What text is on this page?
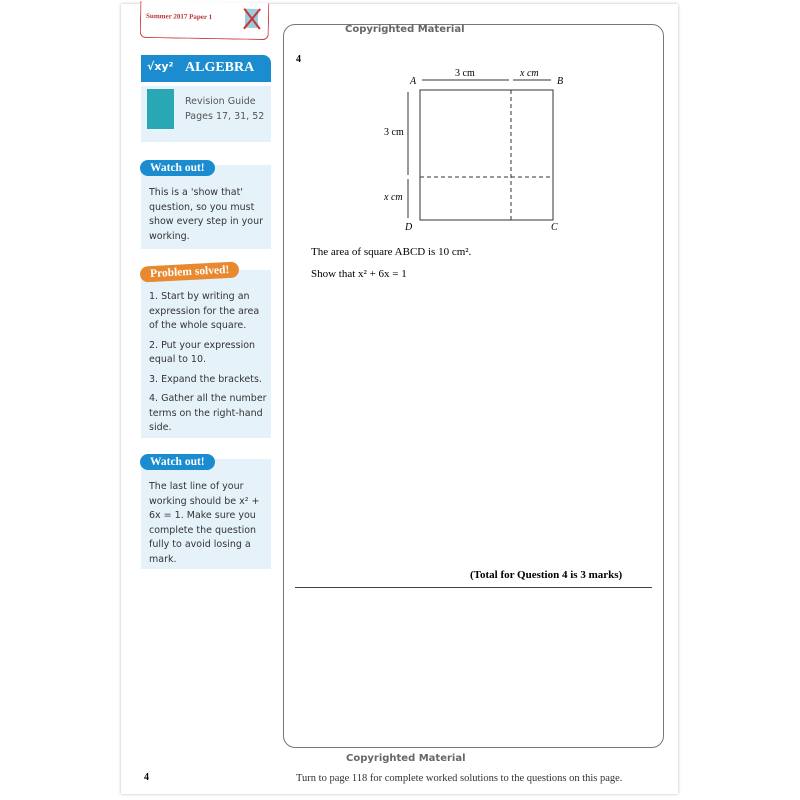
Summer 2017 Paper 1
√xy² ALGEBRA
Revision Guide Pages 17, 31, 52
This is a 'show that' question, so you must show every step in your working.
Watch out!
1. Start by writing an expression for the area of the whole square.
2. Put your expression equal to 10.
3. Expand the brackets.
4. Gather all the number terms on the right-hand side.
Problem solved!
The last line of your working should be x² + 6x = 1. Make sure you complete the question fully to avoid losing a mark.
Watch out!
Copyrighted Material
4
3 cm	x cm
A	B
C
D
3 cm
x cm
The area of square ABCD is 10 cm².
Show that x² + 6x = 1
(Total for Question 4 is 3 marks)
Copyrighted Material
Turn to page 118 for complete worked solutions to the questions on this page.
4
